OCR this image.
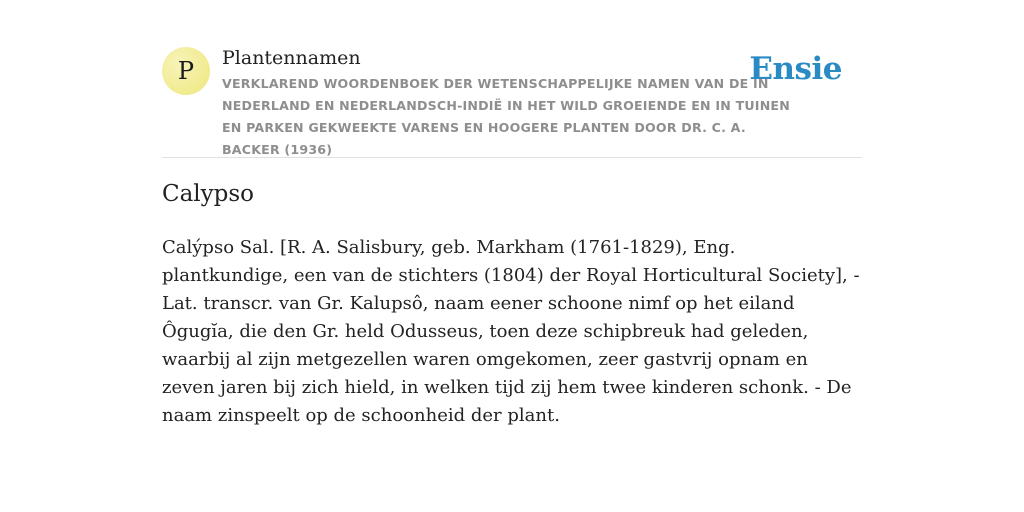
P	Plantennamen
VERKLAREND WOORDENBOEK DER WETENSCHAPPELIJKE NAMEN VAN DE IN NEDERLAND EN NEDERLANDSCH-INDIË IN HET WILD GROEIENDE EN IN TUINEN EN PARKEN GEKWEEKTE VARENS EN HOOGERE PLANTEN DOOR DR. C. A. BACKER (1936)
Ensie
Calypso

Calýpso Sal. [R. A. Salisbury, geb. Markham (1761-1829), Eng. plantkundige, een van de stichters (1804) der Royal Horticultural Society], - Lat. transcr. van Gr. Kalupsô, naam eener schoone nimf op het eiland Ôgugĭa, die den Gr. held Odusseus, toen deze schipbreuk had geleden, waarbij al zijn metgezellen waren omgekomen, zeer gastvrij opnam en zeven jaren bij zich hield, in welken tijd zij hem twee kinderen schonk. - De naam zinspeelt op de schoonheid der plant.
